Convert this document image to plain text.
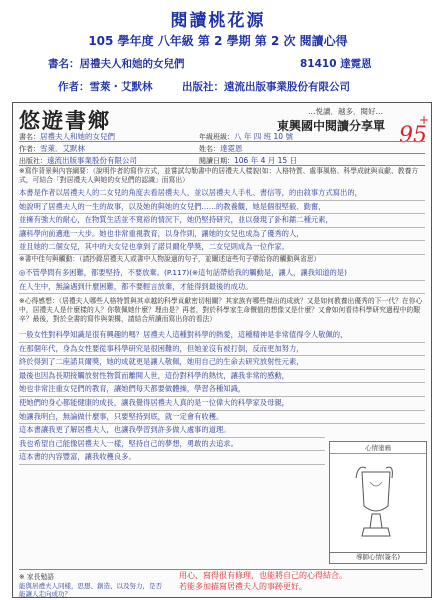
閱讀桃花源
105 學年度 八年級 第 2 學期 第 2 次 閱讀心得
書名：居禮夫人和她的女兒們	81410 達霓恩
作者：雪萊・艾默林	出版社：遠流出版事業股份有限公司
悠遊書鄉	…悦讀．越多．閱好…
東興國中閱讀分享單	+
95
書名：居禮夫人和她的女兒們	年級班級：八 年 四 班 10 號
作者：雪萊．艾默林	姓名：達霓恩
出版社：遠流出版事業股份有限公司	閱讀日期：106 年 4 月 15 日
※寫作背景與內容綱要：（說明作者的寫作方式，並嘗試勾勒書中的居禮夫人樣貌(如：人格特質、處事風格、科學成就與貢獻、教養方式，可結合「對居禮夫人與她的女兒們的認識」而寫出）
本書是作者以居禮夫人的二女兒的角度去看居禮夫人，並以居禮夫人手札、書信等，的由敘事方式寫出的，
她說明了居禮夫人的一生的故事，以及她的與她的女兒們……的教養觀，她是個很堅毅、勤奮，
並擁有強大的耐心，在物質生活並不寬裕的情況下，她仍堅持研究，並以發現了釙和鐳二種元素，
讓科學向前邁進一大步。她也非常重視教育，以身作則，讓她的女兒也成為了優秀的人，
並且她的二個女兒，其中的大女兒也拿到了諾貝爾化學獎，二女兒則成為一位作家。
※書中佳句與觸動：（請抄錄居禮夫人或書中人物說過的句子，並闡述這些句子帶給你的觸動與省思）
◎不管學問有多困難，都要堅持，不要放棄。(P.117)(※這句話帶給我的觸動是，讓人，讓我知道的是)
在人生中，無論遇到什麼困難，都不要輕言放棄，才能得到最後的成功。
※心得感想：（居禮夫人哪些人格特質與其卓越的科學貢獻密切相關？其家族有哪些傑出的成就？又是如何教養出優秀的下一代？在你心中，居禮夫人是什麼樣的人？你敬佩她什麼？理由是？再者，對於科學家生命價值的想像又是什麼？又會如何看待科學研究過程中的艱辛？最後，對於全書的寫作與架構，請結合所讀而寫出你的看法）
一般女性對科學知識是很有興趣的嗎？居禮夫人這種對科學的熱愛，這種精神是非常值得令人敬佩的，
在那個年代，身為女性要從事科學研究是很困難的，但她並沒有被打倒，反而更加努力，
終於得到了二座諾貝爾獎，她的成就更是讓人敬佩，她用自己的生命去研究放射性元素，
最後也因為長期接觸放射性物質而離開人世，這份對科學的熱忱，讓我非常的感動，
她也非常注重女兒們的教育，讓她們每天都要做體操，學習各種知識，
使她們的身心都能健康的成長，讓我覺得居禮夫人真的是一位偉大的科學家及母親，
她讓我明白，無論做什麼事，只要堅持到底，就一定會有收穫。
這本書讓我更了解居禮夫人，也讓我學習到許多做人處事的道理。
我也希望自己能像居禮夫人一樣，堅持自己的夢想，勇敢的去追求。
這本書的內容豐富，讓我收穫良多。
心情塗鴉
導師心情(簽名)
※ 家長勉語
能與居禮夫人同樣，思想、創造、以及努力，是否能讓人走向成功？
用心、寫得很有條理，也能將自己的心得結合。
若能多加描寫居禮夫人的事跡更好。
